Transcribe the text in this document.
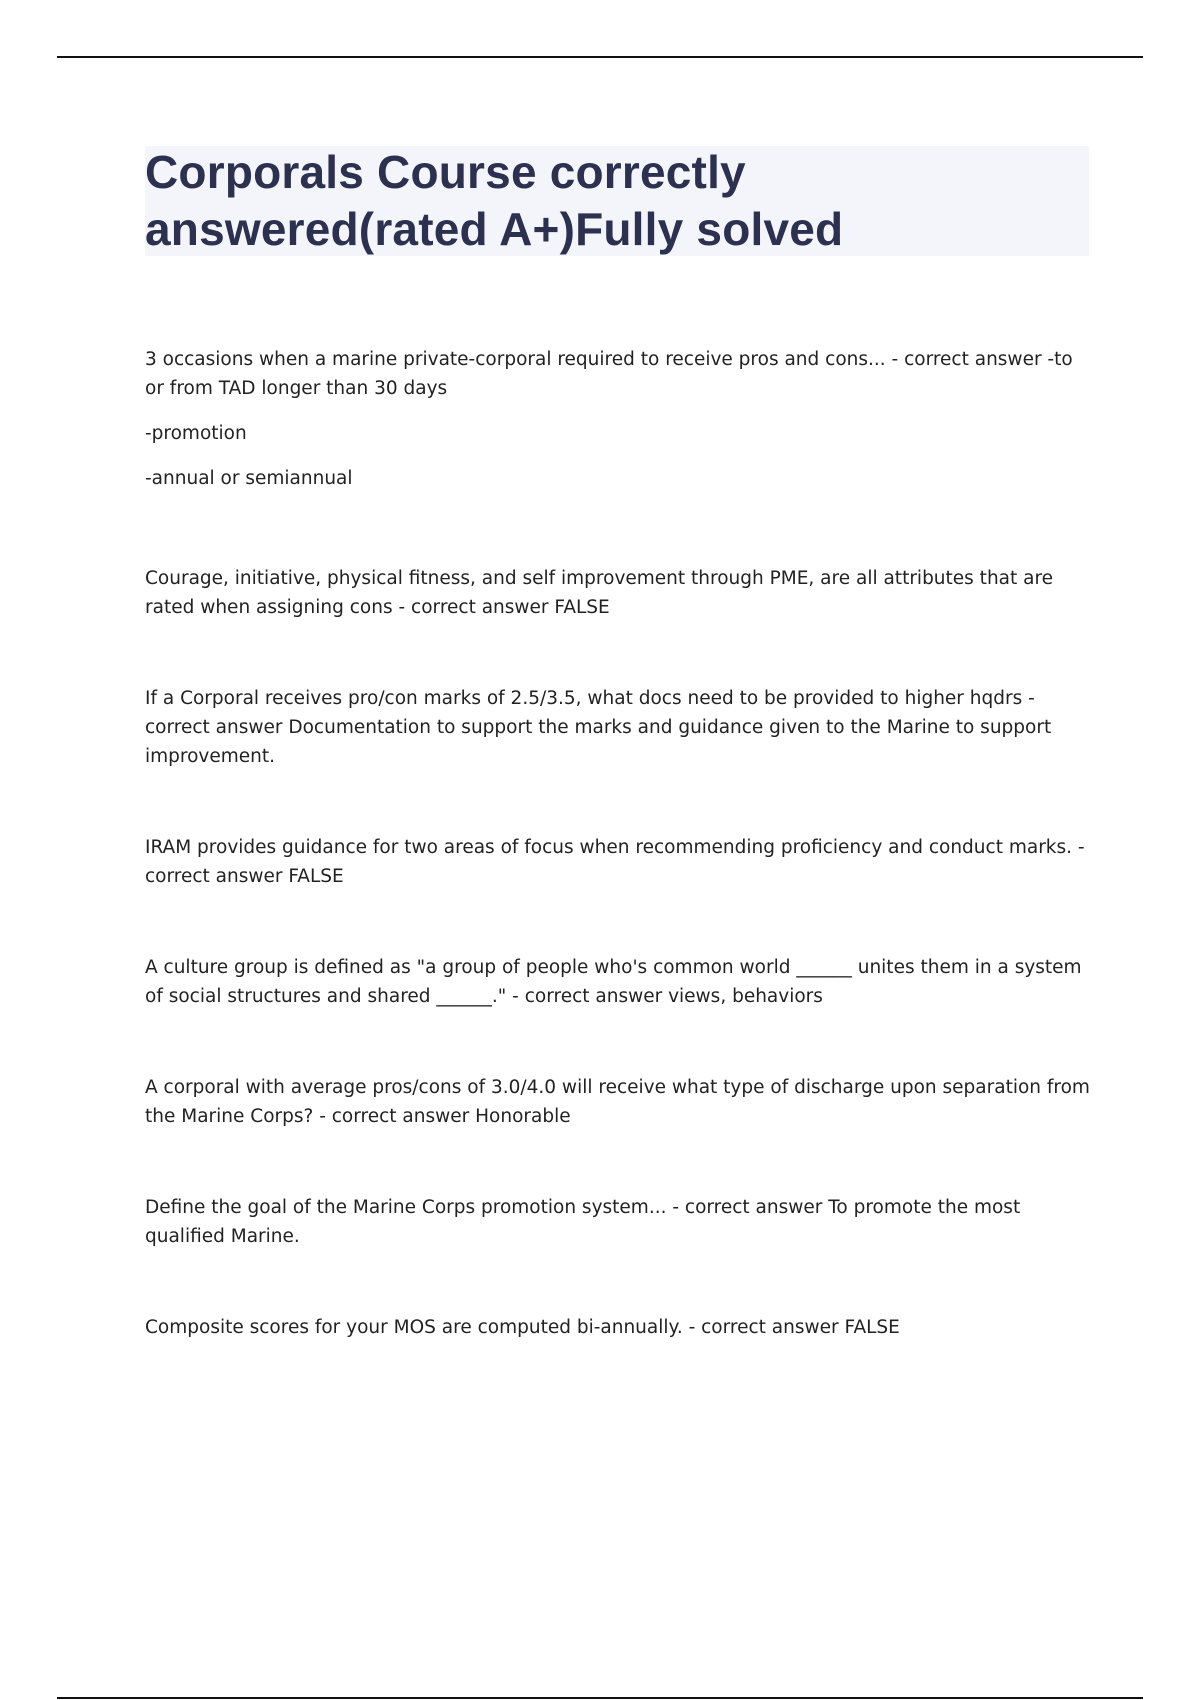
Corporals Course correctly answered(rated A+)Fully solved

3 occasions when a marine private-corporal required to receive pros and cons... - correct answer -to or from TAD longer than 30 days

-promotion

-annual or semiannual

Courage, initiative, physical fitness, and self improvement through PME, are all attributes that are rated when assigning cons - correct answer FALSE

If a Corporal receives pro/con marks of 2.5/3.5, what docs need to be provided to higher hqdrs - correct answer Documentation to support the marks and guidance given to the Marine to support improvement.

IRAM provides guidance for two areas of focus when recommending proficiency and conduct marks. - correct answer FALSE

A culture group is defined as "a group of people who's common world ______ unites them in a system of social structures and shared ______." - correct answer views, behaviors

A corporal with average pros/cons of 3.0/4.0 will receive what type of discharge upon separation from the Marine Corps? - correct answer Honorable

Define the goal of the Marine Corps promotion system... - correct answer To promote the most qualified Marine.

Composite scores for your MOS are computed bi-annually. - correct answer FALSE
